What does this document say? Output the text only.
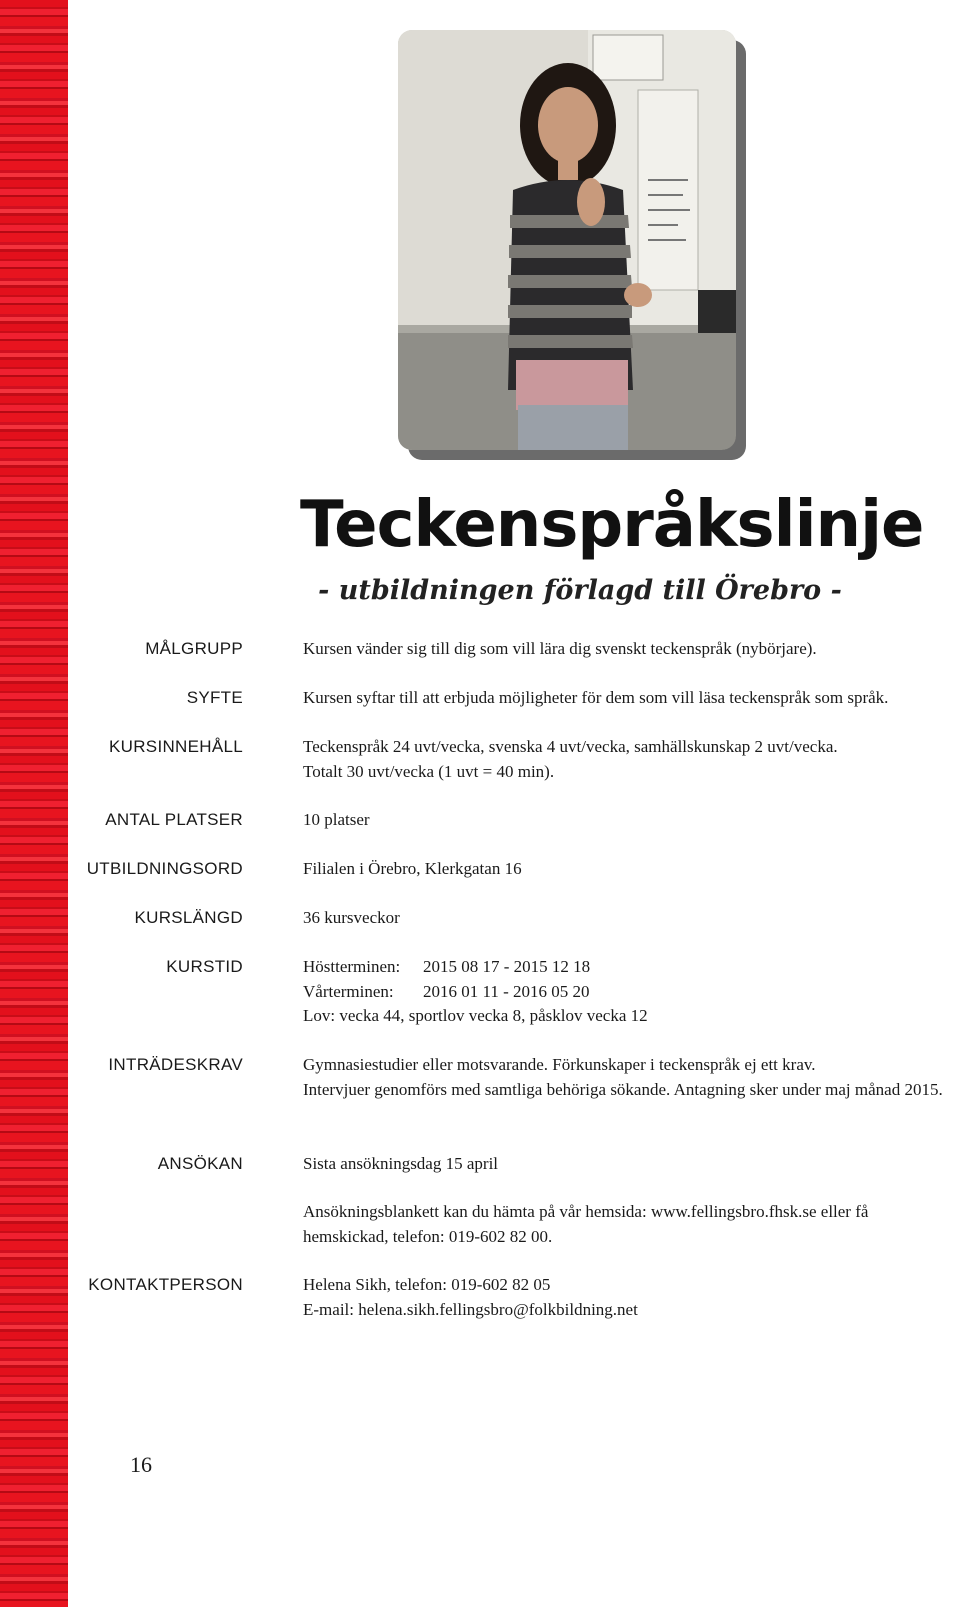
Teckenspråkslinje
- utbildningen förlagd till Örebro -
MÅLGRUPP	Kursen vänder sig till dig som vill lära dig svenskt teckenspråk (nybörjare).
SYFTE	Kursen syftar till att erbjuda möjligheter för dem som vill läsa teckenspråk som språk.
KURSINNEHÅLL	Teckenspråk 24 uvt/vecka, svenska 4 uvt/vecka, samhällskunskap 2 uvt/vecka.
Totalt 30 uvt/vecka (1 uvt = 40 min).
ANTAL PLATSER	10 platser
UTBILDNINGSORD	Filialen i Örebro, Klerkgatan 16
KURSLÄNGD	36 kursveckor
KURSTID	Höstterminen: 2015 08 17 - 2015 12 18
Vårterminen: 2016 01 11 - 2016 05 20
Lov: vecka 44, sportlov vecka 8, påsklov vecka 12
INTRÄDESKRAV	Gymnasiestudier eller motsvarande. Förkunskaper i teckenspråk ej ett krav.
Intervjuer genomförs med samtliga behöriga sökande. Antagning sker under maj månad 2015.
ANSÖKAN	Sista ansökningsdag 15 april
Ansökningsblankett kan du hämta på vår hemsida: www.fellingsbro.fhsk.se eller få hemskickad, telefon: 019-602 82 00.
KONTAKTPERSON	Helena Sikh, telefon: 019-602 82 05
E-mail: helena.sikh.fellingsbro@folkbildning.net
16
